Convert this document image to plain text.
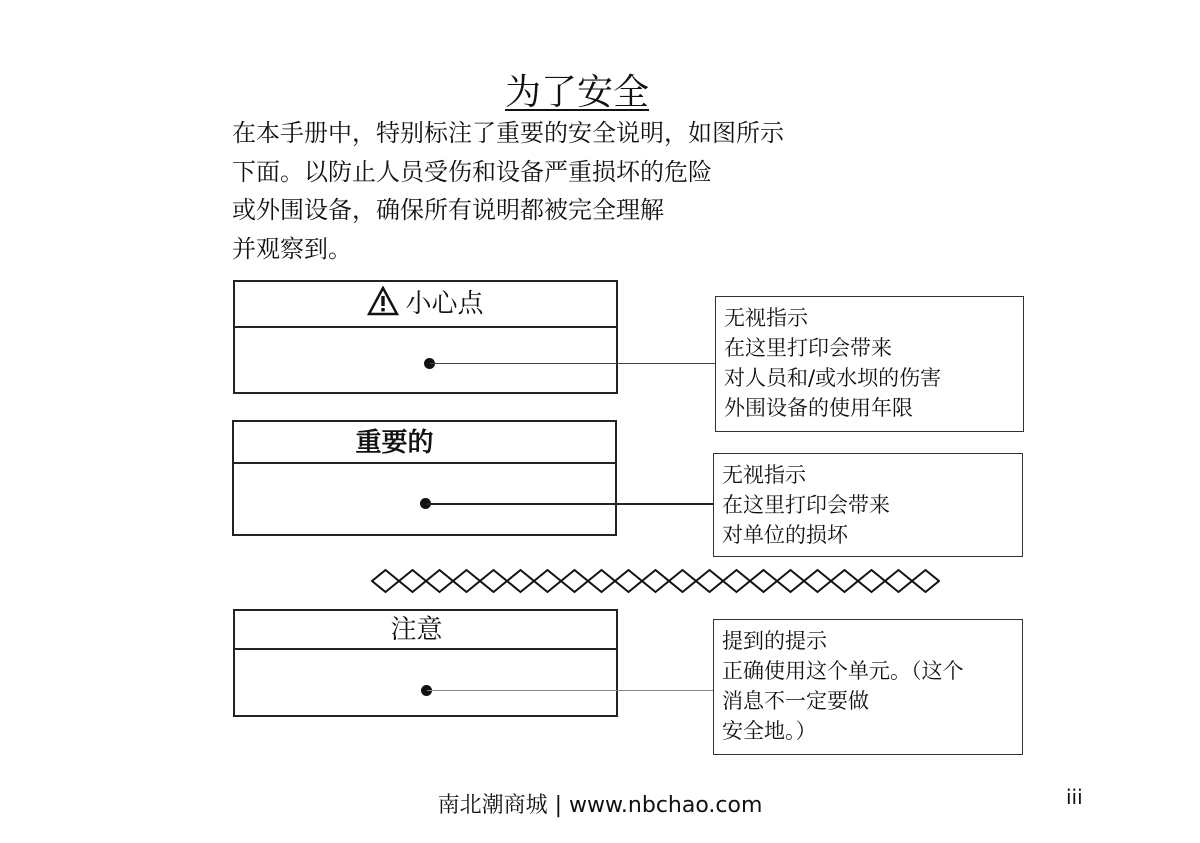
为了安全
在本手册中，特别标注了重要的安全说明，如图所示
下面。以防止人员受伤和设备严重损坏的危险
或外围设备，确保所有说明都被完全理解
并观察到。
小心点	无视指示
在这里打印会带来
对人员和/或水坝的伤害
外围设备的使用年限
重要的
无视指示
在这里打印会带来
对单位的损坏
注意	提到的提示
正确使用这个单元。（这个
消息不一定要做
安全地。）
南北潮商城 | www.nbchao.com	iii
